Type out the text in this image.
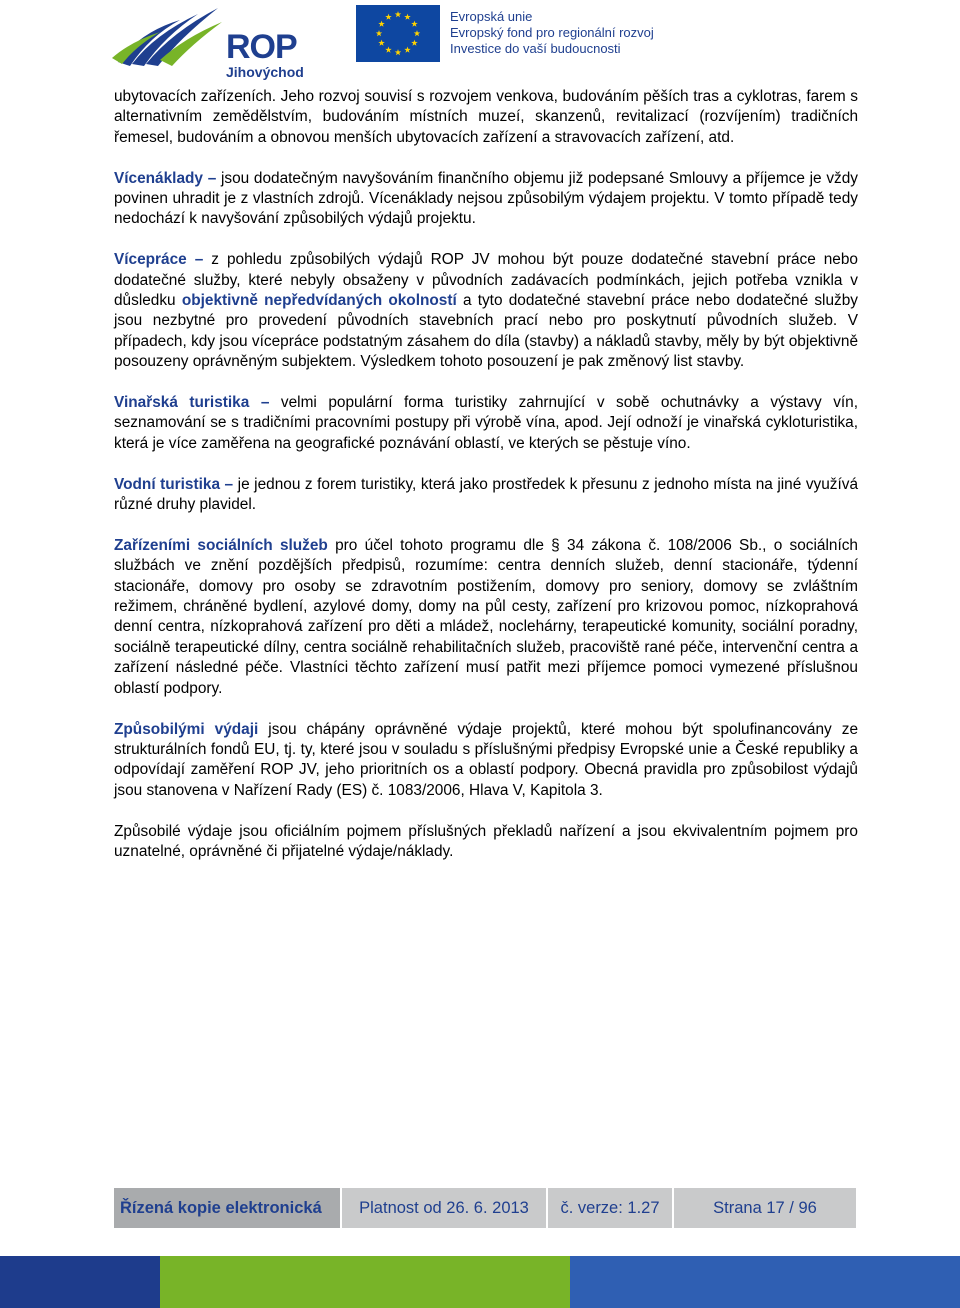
ROP
Jihovýchod
Evropská unie
Evropský fond pro regionální rozvoj
Investice do vaší budoucnosti

ubytovacích zařízeních. Jeho rozvoj souvisí s rozvojem venkova, budováním pěších tras a cyklotras, farem s alternativním zemědělstvím, budováním místních muzeí, skanzenů, revitalizací (rozvíjením) tradičních řemesel, budováním a obnovou menších ubytovacích zařízení a stravovacích zařízení, atd.

Vícenáklady – jsou dodatečným navyšováním finančního objemu již podepsané Smlouvy a příjemce je vždy povinen uhradit je z vlastních zdrojů. Vícenáklady nejsou způsobilým výdajem projektu. V tomto případě tedy nedochází k navyšování způsobilých výdajů projektu.

Vícepráce – z pohledu způsobilých výdajů ROP JV mohou být pouze dodatečné stavební práce nebo dodatečné služby, které nebyly obsaženy v původních zadávacích podmínkách, jejich potřeba vznikla v důsledku objektivně nepředvídaných okolností a tyto dodatečné stavební práce nebo dodatečné služby jsou nezbytné pro provedení původních stavebních prací nebo pro poskytnutí původních služeb. V případech, kdy jsou vícepráce podstatným zásahem do díla (stavby) a nákladů stavby, měly by být objektivně posouzeny oprávněným subjektem. Výsledkem tohoto posouzení je pak změnový list stavby.

Vinařská turistika – velmi populární forma turistiky zahrnující v sobě ochutnávky a výstavy vín, seznamování se s tradičními pracovními postupy při výrobě vína, apod. Její odnoží je vinařská cykloturistika, která je více zaměřena na geografické poznávání oblastí, ve kterých se pěstuje víno.

Vodní turistika – je jednou z forem turistiky, která jako prostředek k přesunu z jednoho místa na jiné využívá různé druhy plavidel.

Zařízeními sociálních služeb pro účel tohoto programu dle § 34 zákona č. 108/2006 Sb., o sociálních službách ve znění pozdějších předpisů, rozumíme: centra denních služeb, denní stacionáře, týdenní stacionáře, domovy pro osoby se zdravotním postižením, domovy pro seniory, domovy se zvláštním režimem, chráněné bydlení, azylové domy, domy na půl cesty, zařízení pro krizovou pomoc, nízkoprahová denní centra, nízkoprahová zařízení pro děti a mládež, noclehárny, terapeutické komunity, sociální poradny, sociálně terapeutické dílny, centra sociálně rehabilitačních služeb, pracoviště rané péče, intervenční centra a zařízení následné péče. Vlastníci těchto zařízení musí patřit mezi příjemce pomoci vymezené příslušnou oblastí podpory.

Způsobilými výdaji jsou chápány oprávněné výdaje projektů, které mohou být spolufinancovány ze strukturálních fondů EU, tj. ty, které jsou v souladu s příslušnými předpisy Evropské unie a České republiky a odpovídají zaměření ROP JV, jeho prioritních os a oblastí podpory. Obecná pravidla pro způsobilost výdajů jsou stanovena v Nařízení Rady (ES) č. 1083/2006, Hlava V, Kapitola 3.

Způsobilé výdaje jsou oficiálním pojmem příslušných překladů nařízení a jsou ekvivalentním pojmem pro uznatelné, oprávněné či přijatelné výdaje/náklady.

Řízená kopie elektronická	Platnost od 26. 6. 2013	č. verze: 1.27	Strana 17 / 96
